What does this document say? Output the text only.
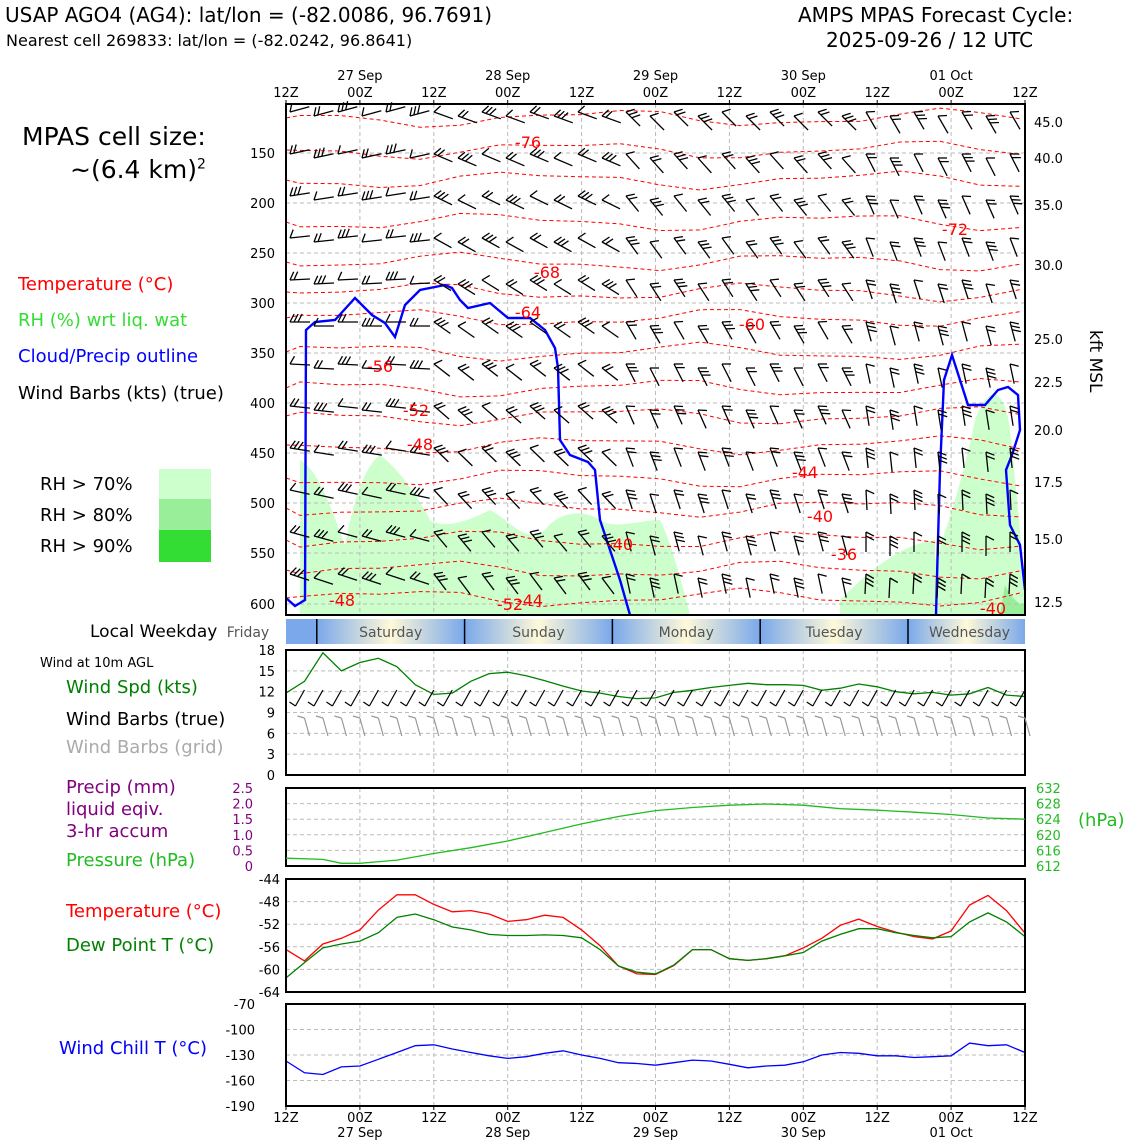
USAP AGO4 (AG4): lat/lon = (-82.0086, 96.7691)
Nearest cell 269833: lat/lon = (-82.0242, 96.8641)
AMPS MPAS Forecast Cycle:
2025-09-26 / 12 UTC
MPAS cell size:
~(6.4 km)$^2$
Temperature (°C)
RH (%) wrt liq. wat
Cloud/Precip outline
Wind Barbs (kts) (true)
RH > 70%
RH > 80%
RH > 90%
Wind at 10m AGL
Wind Spd (kts)
Wind Barbs (true)
Wind Barbs (grid)
Precip (mm)
liquid eqiv.
3-hr accum
Pressure (hPa)
(hPa)
Temperature (°C)
Dew Point T (°C)
Wind Chill T (°C)
Local Weekday
150
200
250
300
350
400
450
500
550
600
45.0
40.0
35.0
30.0
25.0
22.5
20.0
17.5
15.0
12.5
kft MSL
-76
-72
-68
-64
-60
-56
-52
-48
-44
-40
-40
-36
-44
-48	-52	-40
Friday	Saturday	Sunday	Monday	Tuesday	Wednesday
18
15
12
9
6
3
0
2.5
2.0
1.5
1.0
0.5
0
632
628
624
620
616
612
-44
-48
-52
-56
-60
-64
-70
-100
-130
-160
-190
12Z	00Z	12Z	00Z	12Z	00Z	12Z	00Z	12Z	00Z	12Z
27 Sep	28 Sep	29 Sep	30 Sep	01 Oct
12Z	00Z	12Z	00Z	12Z	00Z	12Z	00Z	12Z	00Z	12Z
27 Sep	28 Sep	29 Sep	30 Sep	01 Oct
